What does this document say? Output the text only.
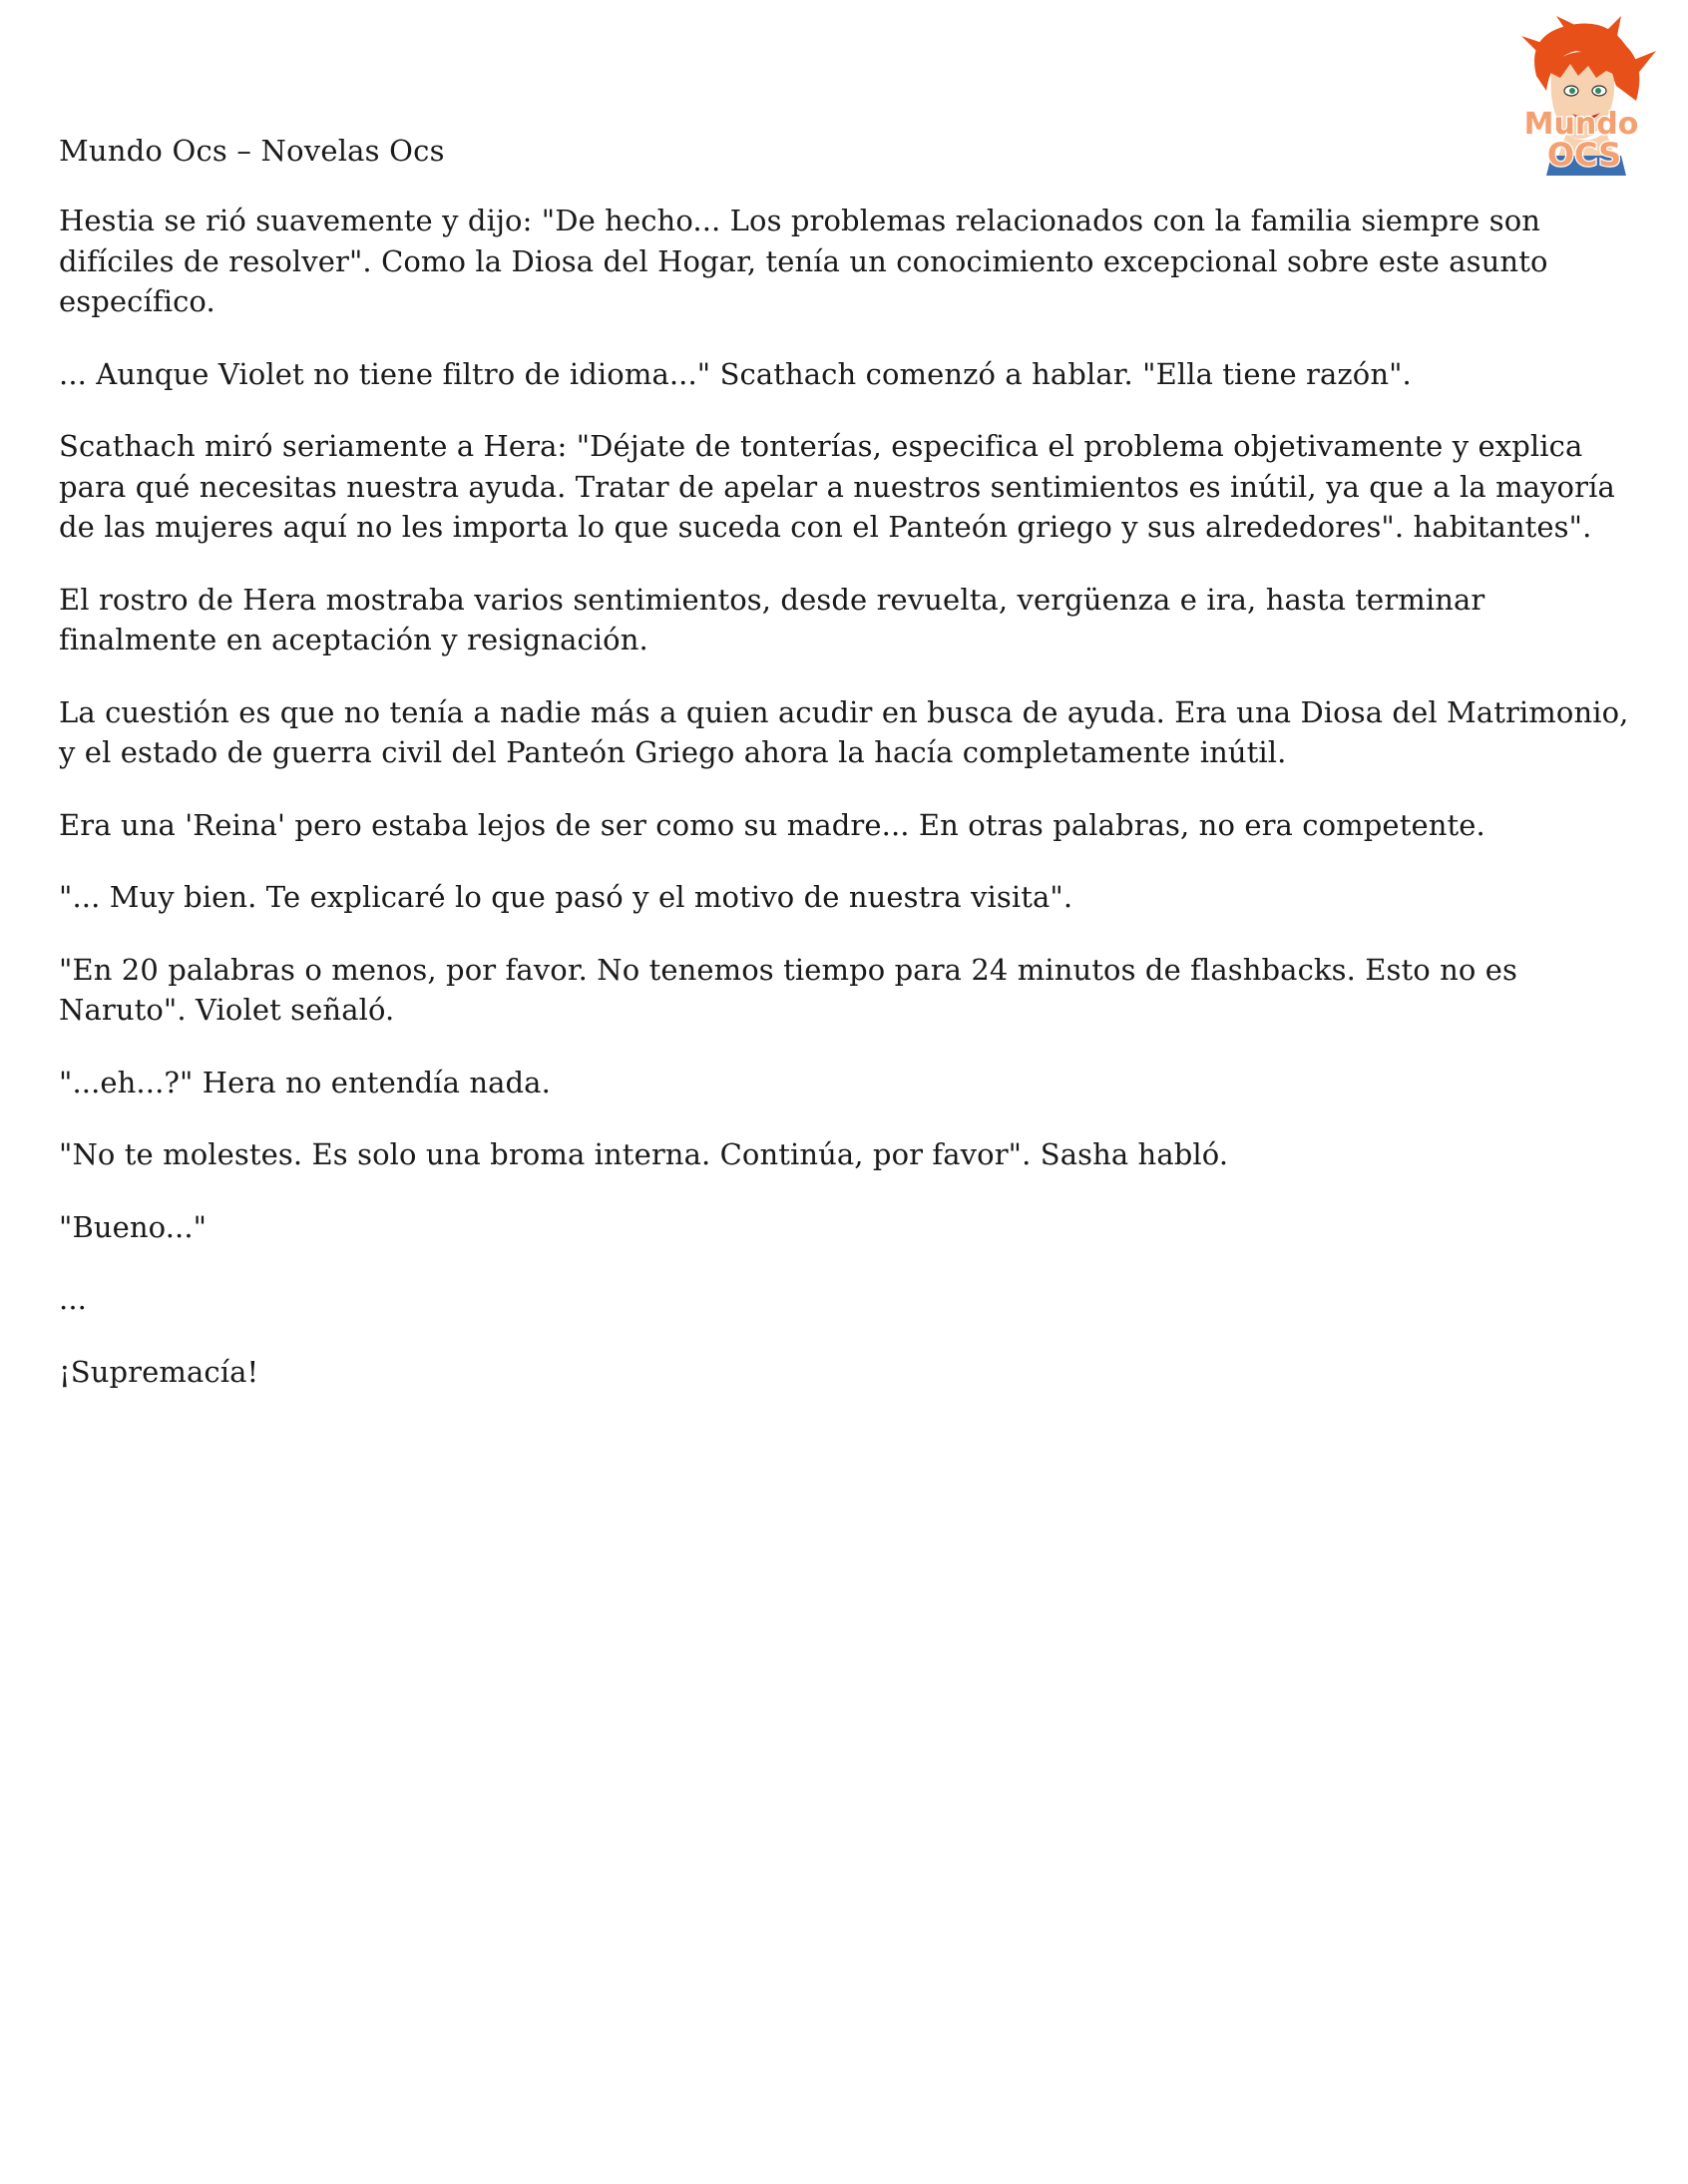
Mundo
OCS
Mundo Ocs – Novelas Ocs

Hestia se rió suavemente y dijo: "De hecho... Los problemas relacionados con la familia siempre son difíciles de resolver". Como la Diosa del Hogar, tenía un conocimiento excepcional sobre este asunto específico.

... Aunque Violet no tiene filtro de idioma..." Scathach comenzó a hablar. "Ella tiene razón".

Scathach miró seriamente a Hera: "Déjate de tonterías, especifica el problema objetivamente y explica para qué necesitas nuestra ayuda. Tratar de apelar a nuestros sentimientos es inútil, ya que a la mayoría de las mujeres aquí no les importa lo que suceda con el Panteón griego y sus alrededores". habitantes".

El rostro de Hera mostraba varios sentimientos, desde revuelta, vergüenza e ira, hasta terminar finalmente en aceptación y resignación.

La cuestión es que no tenía a nadie más a quien acudir en busca de ayuda. Era una Diosa del Matrimonio, y el estado de guerra civil del Panteón Griego ahora la hacía completamente inútil.

Era una 'Reina' pero estaba lejos de ser como su madre... En otras palabras, no era competente.

"... Muy bien. Te explicaré lo que pasó y el motivo de nuestra visita".

"En 20 palabras o menos, por favor. No tenemos tiempo para 24 minutos de flashbacks. Esto no es Naruto". Violet señaló.

"...eh...?" Hera no entendía nada.

"No te molestes. Es solo una broma interna. Continúa, por favor". Sasha habló.

"Bueno..."

...

¡Supremacía!
